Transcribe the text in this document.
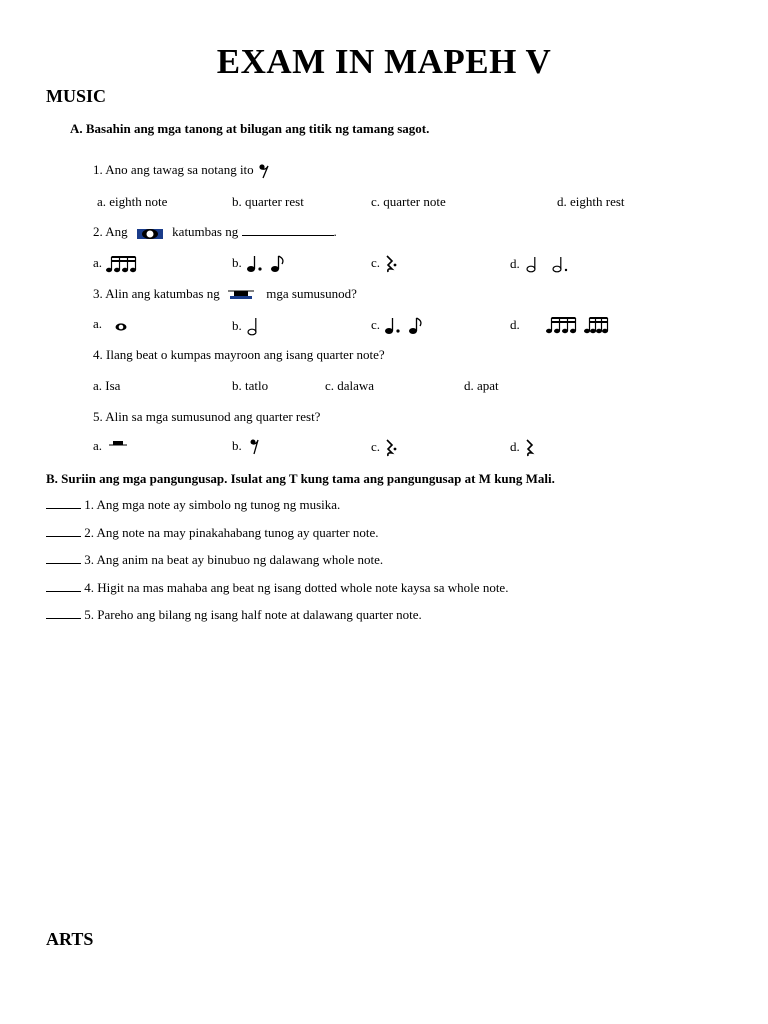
EXAM IN MAPEH V
MUSIC
A. Basahin ang mga tanong at bilugan ang titik ng tamang sagot.
1. Ano ang tawag sa notang ito
a. eighth note	b. quarter rest	c. quarter note	d. eighth rest
2. Ang	katumbas ng	.
a.	b.	c.	d.
3. Alin ang katumbas ng	mga sumusunod?
a.	b.	c.	d.
4. Ilang beat o kumpas mayroon ang isang quarter note?
a. Isa	b. tatlo	c. dalawa	d. apat
5. Alin sa mga sumusunod ang quarter rest?
a.	b.	c.	d.
B. Suriin ang mga pangungusap. Isulat ang T kung tama ang pangungusap at M kung Mali.
1. Ang mga note ay simbolo ng tunog ng musika.
2. Ang note na may pinakahabang tunog ay quarter note.
3. Ang anim na beat ay binubuo ng dalawang whole note.
4. Higit na mas mahaba ang beat ng isang dotted whole note kaysa sa whole note.
5. Pareho ang bilang ng isang half note at dalawang quarter note.
ARTS
